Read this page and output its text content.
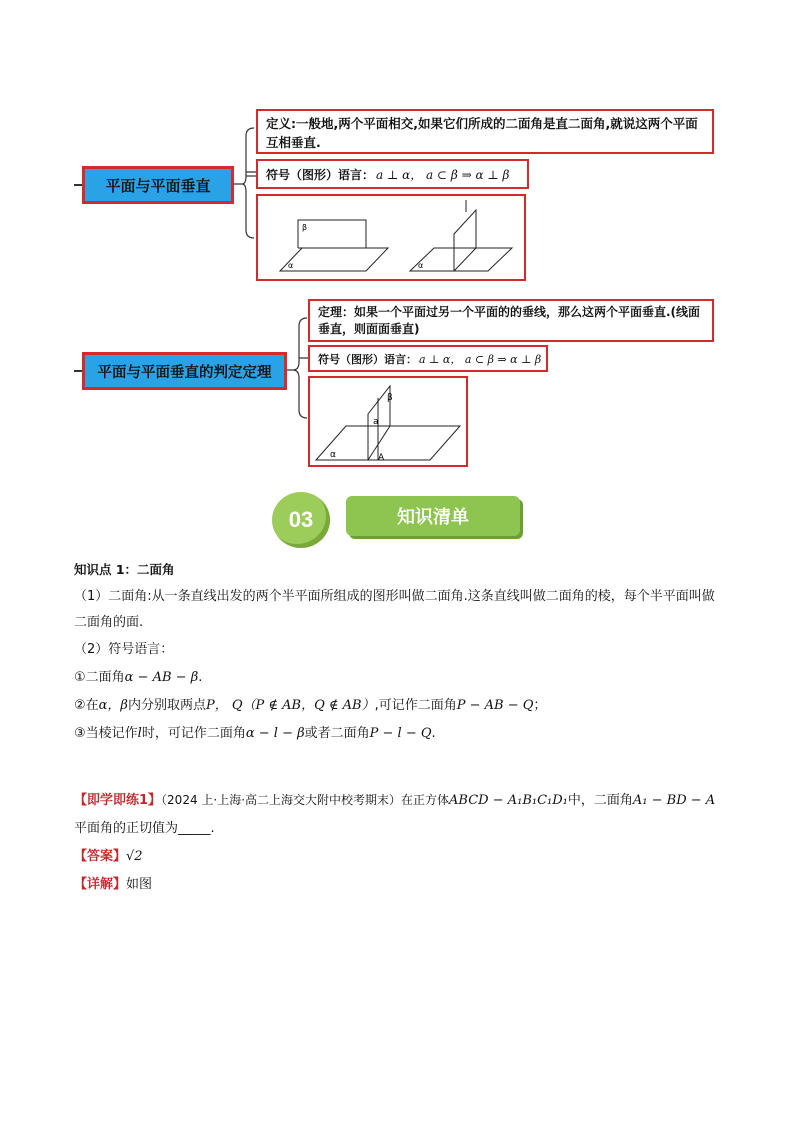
平面与平面垂直
定义:一般地,两个平面相交,如果它们所成的二面角是直二面角,就说这两个平面互相垂直.
符号（图形）语言： a ⊥ α， a ⊂ β ⇒ α ⊥ β
β
α	α
平面与平面垂直的判定定理
定理：如果一个平面过另一个平面的的垂线，那么这两个平面垂直.(线面垂直，则面面垂直)
符号（图形）语言： a ⊥ α， a ⊂ β ⇒ α ⊥ β
β
a
α	A
03	知识清单
知识点 1：二面角
（1）二面角:从一条直线出发的两个半平面所组成的图形叫做二面角.这条直线叫做二面角的棱，每个半平面叫做二面角的面.
（2）符号语言：
①二面角α − AB − β.
②在α，β内分别取两点P， Q（P ∉ AB，Q ∉ AB）,可记作二面角P − AB − Q；
③当棱记作l时，可记作二面角α − l − β或者二面角P − l − Q.
【即学即练1】（2024 上·上海·高二上海交大附中校考期末）在正方体ABCD − A₁B₁C₁D₁中，二面角A₁ − BD − A
平面角的正切值为_____.
【答案】√2
【详解】如图
